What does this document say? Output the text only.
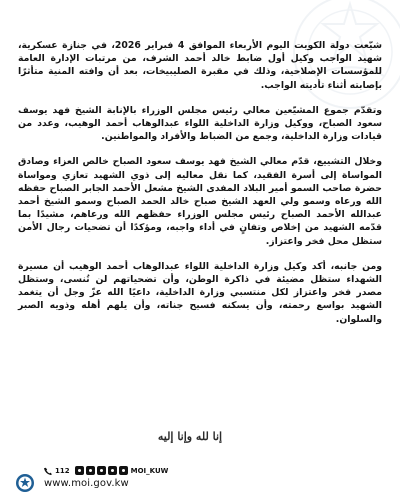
شيّعت دولة الكويت اليوم الأربعاء الموافق 4 فبراير 2026، في جنازة عسكرية، شهيد الواجب وكيل أول ضابط خالد أحمد الشرف، من مرتبات الإدارة العامة للمؤسسات الإصلاحية، وذلك في مقبرة الصليبيخات، بعد أن وافته المنية متأثرًا بإصابته أثناء تأديته الواجب.

وتقدّم جموع المشيّعين معالي رئيس مجلس الوزراء بالإنابة الشيخ فهد يوسف سعود الصباح، ووكيل وزارة الداخلية اللواء عبدالوهاب أحمد الوهيب، وعدد من قيادات وزارة الداخلية، وجمع من الضباط والأفراد والمواطنين.

وخلال التشييع، قدّم معالي الشيخ فهد يوسف سعود الصباح خالص العزاء وصادق المواساة إلى أسرة الفقيد، كما نقل معاليه إلى ذوي الشهيد تعازي ومواساة حضرة صاحب السمو أمير البلاد المفدى الشيخ مشعل الأحمد الجابر الصباح حفظه الله ورعاه وسمو ولي العهد الشيخ صباح خالد الحمد الصباح وسمو الشيخ أحمد عبدالله الأحمد الصباح رئيس مجلس الوزراء حفظهم الله ورعاهم، مشيدًا بما قدّمه الشهيد من إخلاص وتفانٍ في أداء واجبه، ومؤكدًا أن تضحيات رجال الأمن ستظل محل فخر واعتزاز.

ومن جانبه، أكد وكيل وزارة الداخلية اللواء عبدالوهاب أحمد الوهيب أن مسيرة الشهداء ستظل مضيئة في ذاكرة الوطن، وأن تضحياتهم لن تُنسى، وستظل مصدر فخر واعتزاز لكل منتسبي وزارة الداخلية، داعيًا الله عزّ وجل أن يتغمد الشهيد بواسع رحمته، وأن يسكنه فسيح جناته، وأن يلهم أهله وذويه الصبر والسلوان.

إنا لله وإنا إليه
112	MOI_KUW
www.moi.gov.kw
